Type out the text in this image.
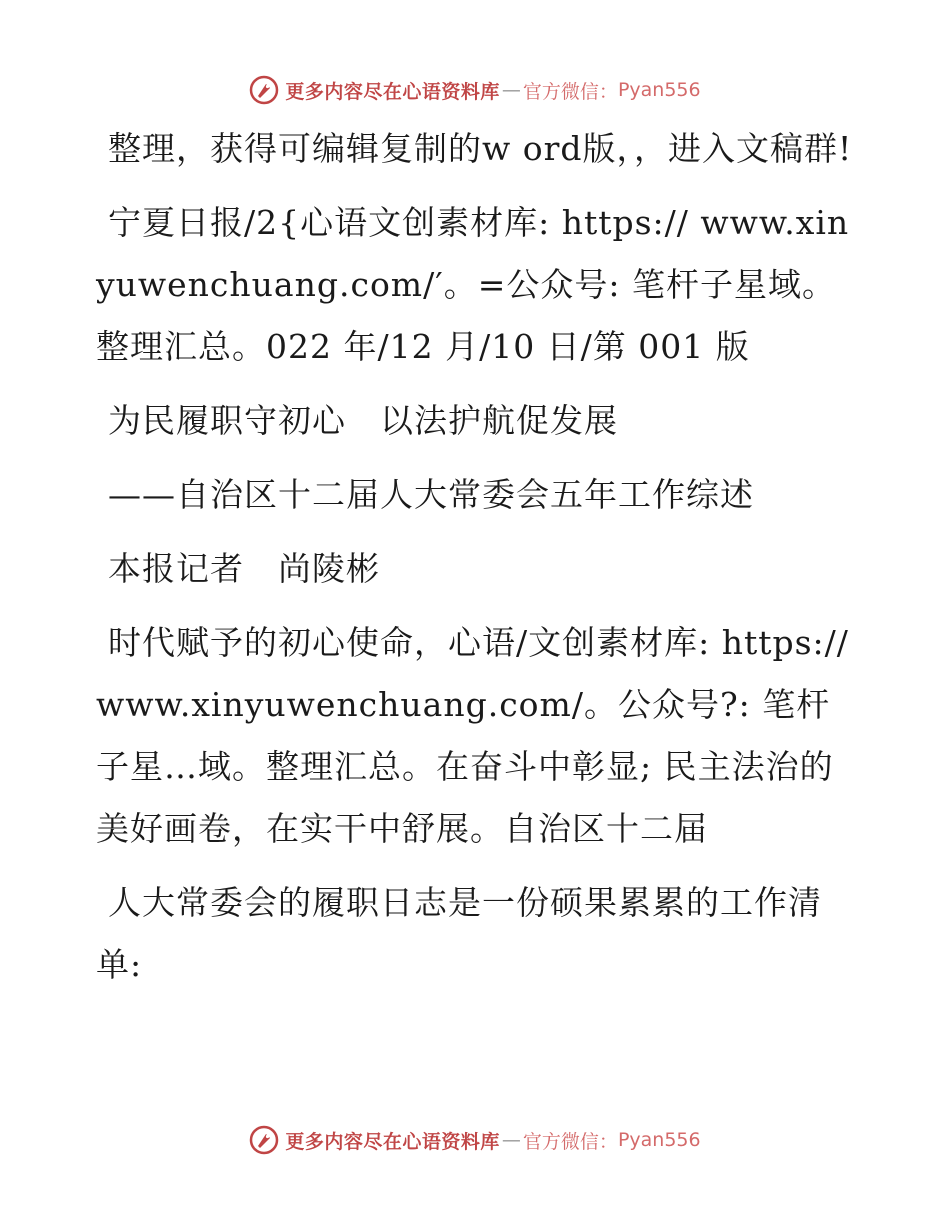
更多内容尽在心语资料库 — 官方微信： Pyan556

整理，获得可编辑复制的w ord版，，进入文稿群!

宁夏日报/2{心语文创素材库: https:// www.xinyuwenchuang.com/′。=公众号: 笔杆子星域。整理汇总。022 年/12 月/10 日/第 001 版

为民履职守初心　以法护航促发展

——自治区十二届人大常委会五年工作综述

本报记者　尚陵彬

时代赋予的初心使命，心语/文创素材库: https://www.xinyuwenchuang.com/。公众号?: 笔杆子星…域。整理汇总。在奋斗中彰显; 民主法治的美好画卷，在实干中舒展。自治区十二届

人大常委会的履职日志是一份硕果累累的工作清单:

更多内容尽在心语资料库 — 官方微信： Pyan556
